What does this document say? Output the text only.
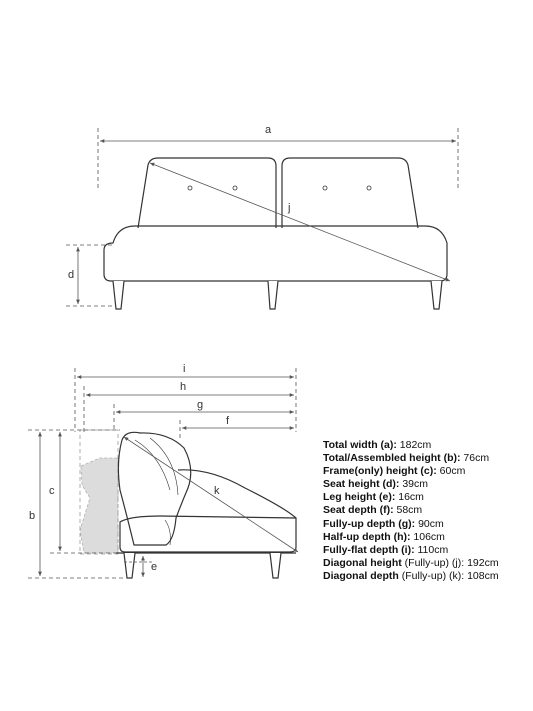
a
j
d
i
h
g
f
k
c
b
e
Total width (a): 182cm
Total/Assembled height (b): 76cm
Frame(only) height (c): 60cm
Seat height (d): 39cm
Leg height (e): 16cm
Seat depth (f): 58cm
Fully-up depth (g): 90cm
Half-up depth (h): 106cm
Fully-flat depth (i): 110cm
Diagonal height (Fully-up) (j): 192cm
Diagonal depth (Fully-up) (k): 108cm
